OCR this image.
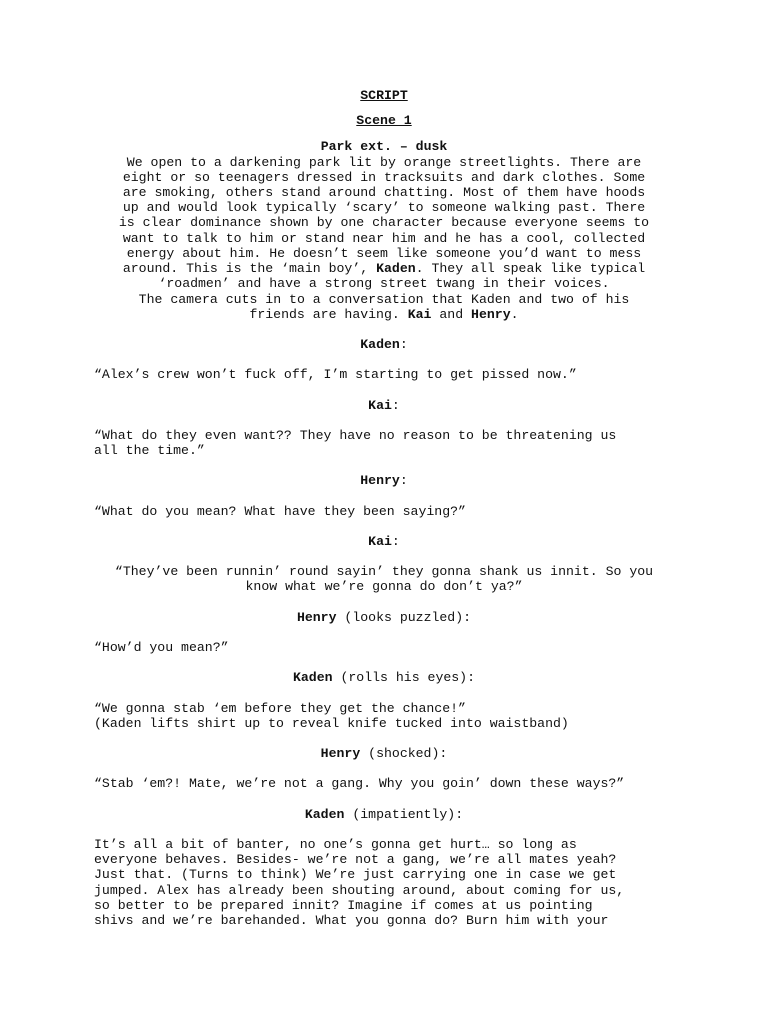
SCRIPT
Scene 1
Park ext. – dusk
We open to a darkening park lit by orange streetlights. There are
eight or so teenagers dressed in tracksuits and dark clothes. Some
are smoking, others stand around chatting. Most of them have hoods
up and would look typically ‘scary’ to someone walking past. There
is clear dominance shown by one character because everyone seems to
want to talk to him or stand near him and he has a cool, collected
energy about him. He doesn’t seem like someone you’d want to mess
around. This is the ‘main boy’, Kaden. They all speak like typical
‘roadmen’ and have a strong street twang in their voices.
The camera cuts in to a conversation that Kaden and two of his
friends are having. Kai and Henry.
Kaden:
“Alex’s crew won’t fuck off, I’m starting to get pissed now.”
Kai:
“What do they even want?? They have no reason to be threatening us
all the time.”
Henry:
“What do you mean? What have they been saying?”
Kai:
“They’ve been runnin’ round sayin’ they gonna shank us innit. So you
know what we’re gonna do don’t ya?”
Henry (looks puzzled):
“How’d you mean?”
Kaden (rolls his eyes):
“We gonna stab ‘em before they get the chance!”
(Kaden lifts shirt up to reveal knife tucked into waistband)
Henry (shocked):
“Stab ‘em?! Mate, we’re not a gang. Why you goin’ down these ways?”
Kaden (impatiently):
It’s all a bit of banter, no one’s gonna get hurt… so long as
everyone behaves. Besides- we’re not a gang, we’re all mates yeah?
Just that. (Turns to think) We’re just carrying one in case we get
jumped. Alex has already been shouting around, about coming for us,
so better to be prepared innit? Imagine if comes at us pointing
shivs and we’re barehanded. What you gonna do? Burn him with your
